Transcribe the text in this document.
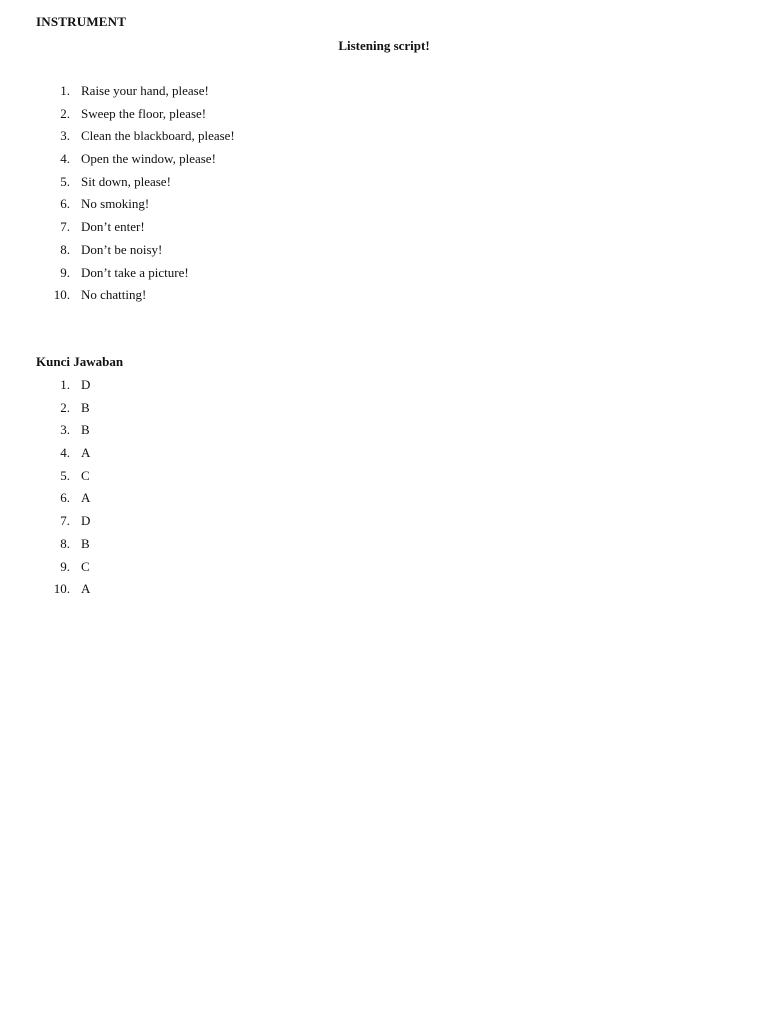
INSTRUMENT
Listening script!
1. Raise your hand, please!
2. Sweep the floor, please!
3. Clean the blackboard, please!
4. Open the window, please!
5. Sit down, please!
6. No smoking!
7. Don’t enter!
8. Don’t be noisy!
9. Don’t take a picture!
10. No chatting!
Kunci Jawaban
1. D
2. B
3. B
4. A
5. C
6. A
7. D
8. B
9. C
10. A
